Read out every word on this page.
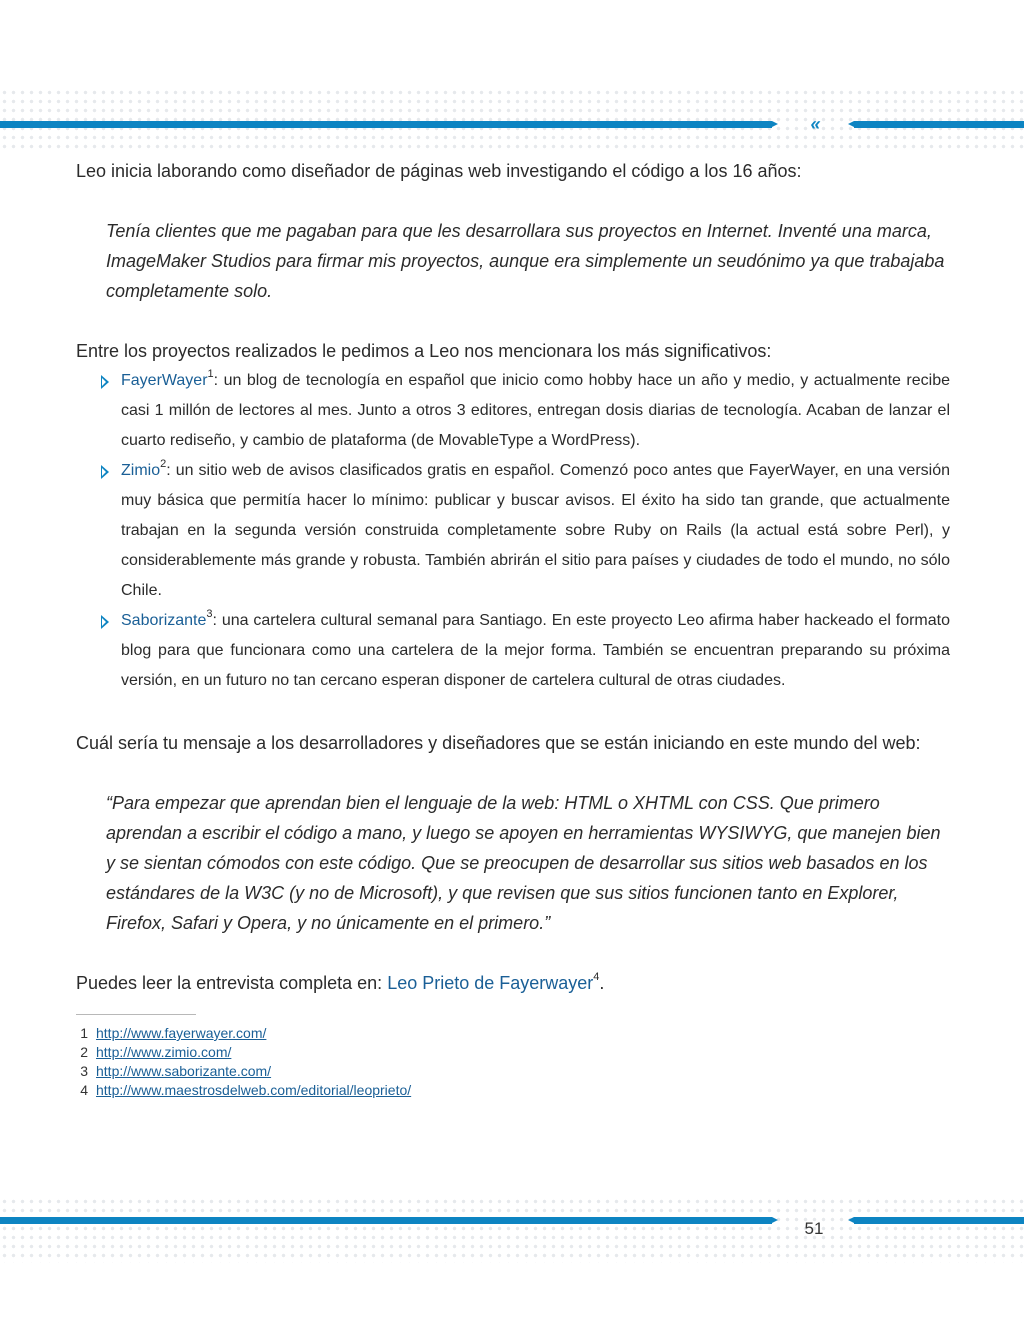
«

Leo inicia laborando como diseñador de páginas web investigando el código a los 16 años:

Tenía clientes que me pagaban para que les desarrollara sus proyectos en Internet. Inventé una marca, ImageMaker Studios para firmar mis proyectos, aunque era simplemente un seudónimo ya que trabajaba completamente solo.

Entre los proyectos realizados le pedimos a Leo nos mencionara los más significativos:

FayerWayer$^1$: un blog de tecnología en español que inicio como hobby hace un año y medio, y actualmente recibe casi 1 millón de lectores al mes. Junto a otros 3 editores, entregan dosis diarias de tecnología. Acaban de lanzar el cuarto rediseño, y cambio de plataforma (de MovableType a WordPress).
Zimio$^2$: un sitio web de avisos clasificados gratis en español. Comenzó poco antes que FayerWayer, en una versión muy básica que permitía hacer lo mínimo: publicar y buscar avisos. El éxito ha sido tan grande, que actualmente trabajan en la segunda versión construida completamente sobre Ruby on Rails (la actual está sobre Perl), y considerablemente más grande y robusta. También abrirán el sitio para países y ciudades de todo el mundo, no sólo Chile.
Saborizante$^3$: una cartelera cultural semanal para Santiago. En este proyecto Leo afirma haber hackeado el formato blog para que funcionara como una cartelera de la mejor forma. También se encuentran preparando su próxima versión, en un futuro no tan cercano esperan disponer de cartelera cultural de otras ciudades.

Cuál sería tu mensaje a los desarrolladores y diseñadores que se están iniciando en este mundo del web:

“Para empezar que aprendan bien el lenguaje de la web: HTML o XHTML con CSS. Que primero aprendan a escribir el código a mano, y luego se apoyen en herramientas WYSIWYG, que manejen bien y se sientan cómodos con este código. Que se preocupen de desarrollar sus sitios web basados en los estándares de la W3C (y no de Microsoft), y que revisen que sus sitios funcionen tanto en Explorer, Firefox, Safari y Opera, y no únicamente en el primero.”

Puedes leer la entrevista completa en: Leo Prieto de Fayerwayer$^4$.

1 http://www.fayerwayer.com/
2 http://www.zimio.com/
3 http://www.saborizante.com/
4 http://www.maestrosdelweb.com/editorial/leoprieto/
51
